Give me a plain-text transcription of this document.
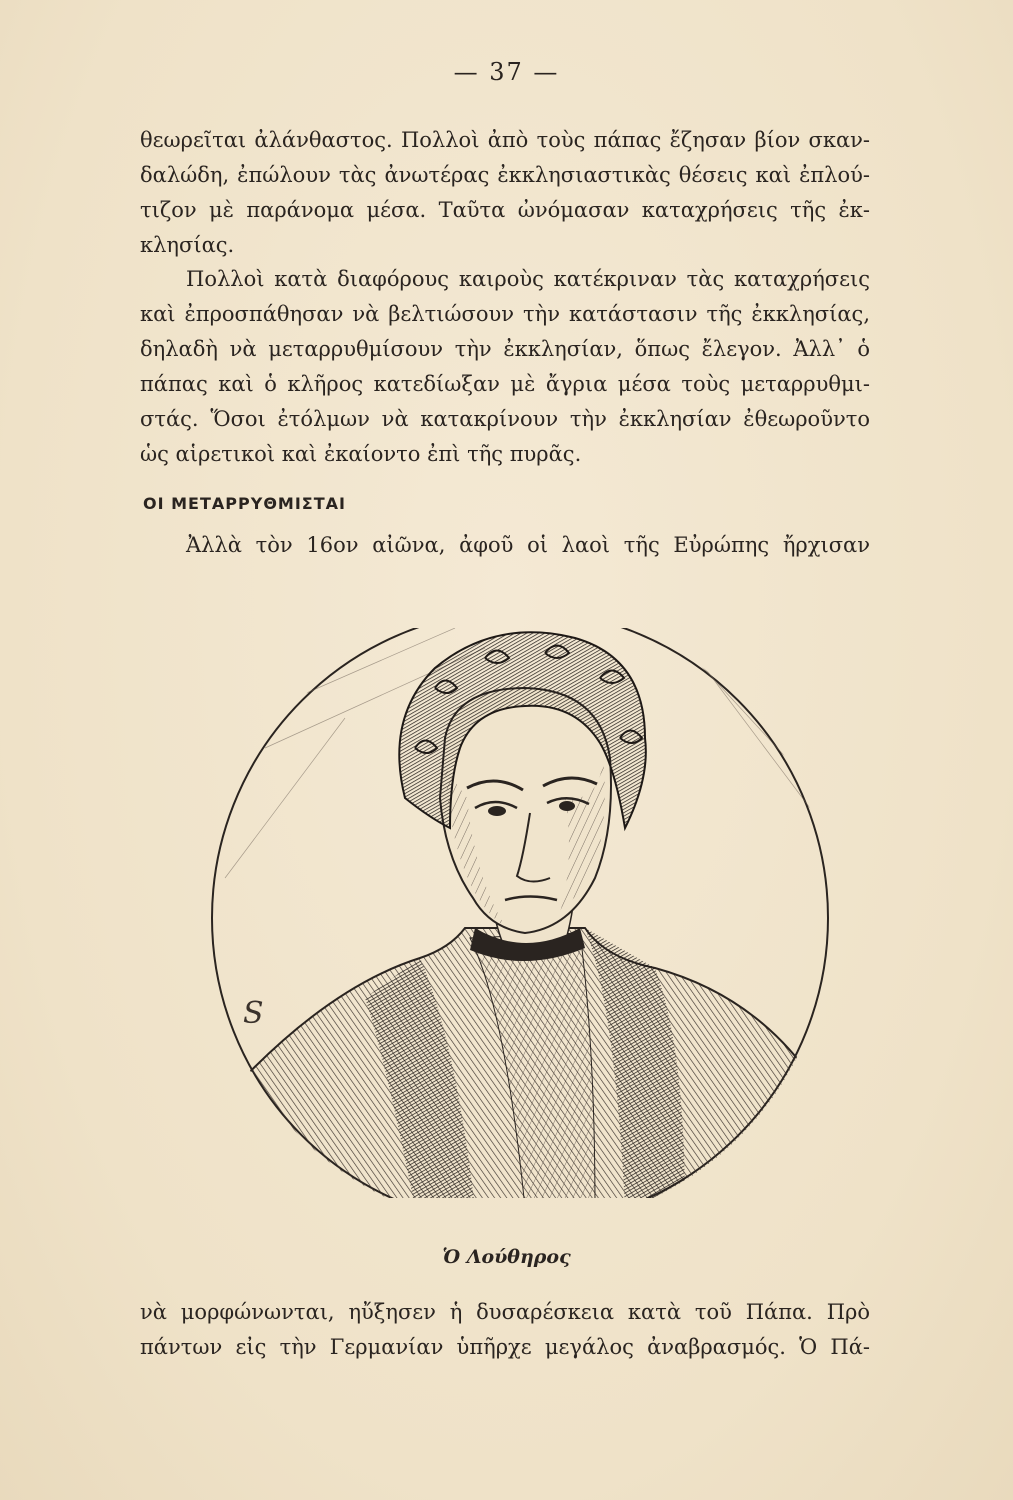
— 37 —
θεωρεῖται ἀλάνθαστος. Πολλοὶ ἀπὸ τοὺς πάπας ἔζησαν βίον σκαν-
δαλώδη, ἐπώλουν τὰς ἀνωτέρας ἐκκλησιαστικὰς θέσεις καὶ ἐπλού-
τιζον μὲ παράνομα μέσα. Ταῦτα ὠνόμασαν καταχρήσεις τῆς ἐκ-
κλησίας.
Πολλοὶ κατὰ διαφόρους καιροὺς κατέκριναν τὰς καταχρήσεις
καὶ ἐπροσπάθησαν νὰ βελτιώσουν τὴν κατάστασιν τῆς ἐκκλησίας,
δηλαδὴ νὰ μεταρρυθμίσουν τὴν ἐκκλησίαν, ὅπως ἔλεγον. Ἀλλ᾽ ὁ
πάπας καὶ ὁ κλῆρος κατεδίωξαν μὲ ἄγρια μέσα τοὺς μεταρρυθμι-
στάς. Ὅσοι ἐτόλμων νὰ κατακρίνουν τὴν ἐκκλησίαν ἐθεωροῦντο
ὡς αἱρετικοὶ καὶ ἐκαίοντο ἐπὶ τῆς πυρᾶς.
ΟΙ ΜΕΤΑΡΡΥΘΜΙΣΤΑΙ
Ἀλλὰ τὸν 16ον αἰῶνα, ἀφοῦ οἱ λαοὶ τῆς Εὐρώπης ἤρχισαν
S
Ὁ Λούθηρος
νὰ μορφώνωνται, ηὔξησεν ἡ δυσαρέσκεια κατὰ τοῦ Πάπα. Πρὸ
πάντων εἰς τὴν Γερμανίαν ὑπῆρχε μεγάλος ἀναβρασμός. Ὁ Πά-
